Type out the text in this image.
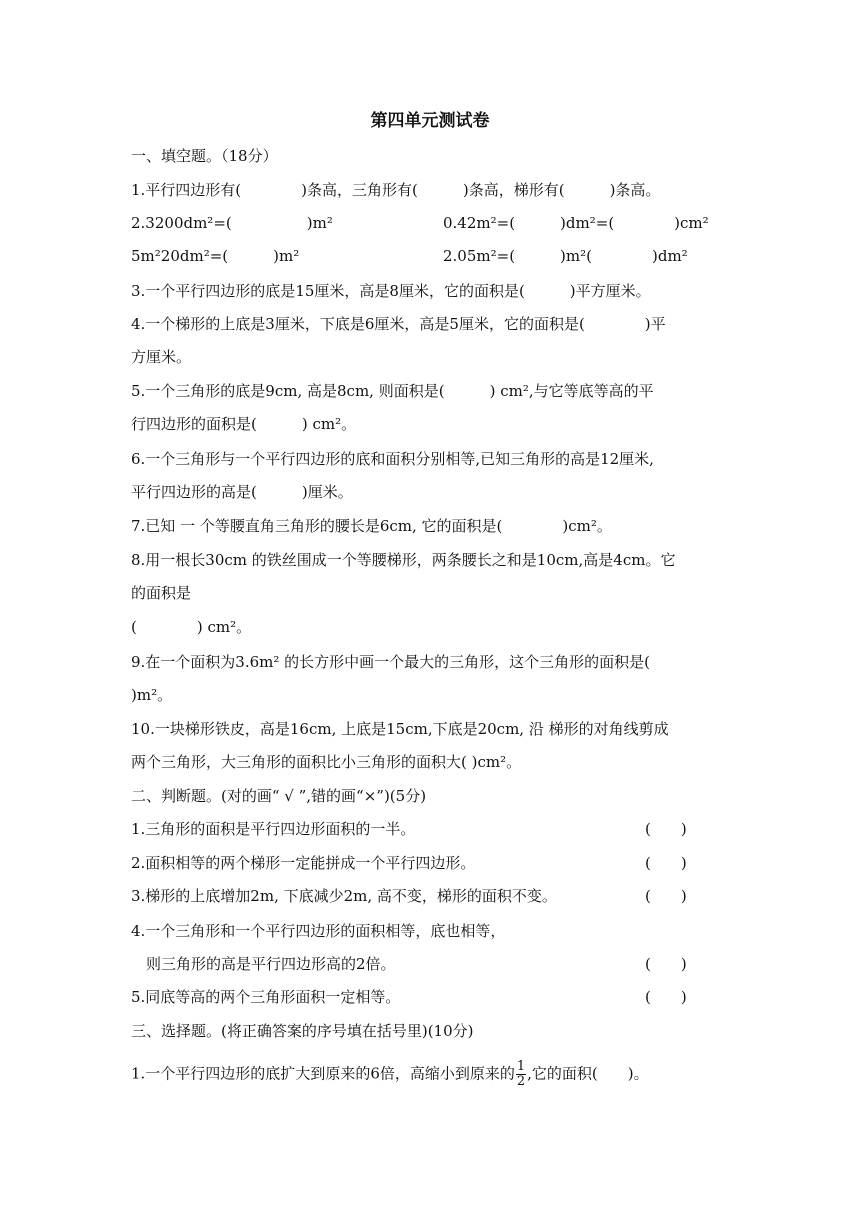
第四单元测试卷
一、填空题。（18分）
1.平行四边形有(　　　　)条高，三角形有(　　　)条高，梯形有(　　　)条高。
2.3200dm²=(　　　　　)m²	0.42m²=(　　　)dm²=(　　　　)cm²
5m²20dm²=(　　　)m²	2.05m²=(　　　)m²(　　　　)dm²
3.一个平行四边形的底是15厘米，高是8厘米，它的面积是(　　　)平方厘米。
4.一个梯形的上底是3厘米，下底是6厘米，高是5厘米，它的面积是(　　　　)平
方厘米。
5.一个三角形的底是9cm, 高是8cm, 则面积是(　　　) cm²,与它等底等高的平
行四边形的面积是(　　　) cm²。
6.一个三角形与一个平行四边形的底和面积分别相等,已知三角形的高是12厘米,
平行四边形的高是(　　　)厘米。
7.已知 一 个等腰直角三角形的腰长是6cm, 它的面积是(　　　　)cm²。
8.用一根长30cm 的铁丝围成一个等腰梯形，两条腰长之和是10cm,高是4cm。它
的面积是
(　　　　) cm²。
9.在一个面积为3.6m² 的长方形中画一个最大的三角形，这个三角形的面积是(
)m²。
10.一块梯形铁皮，高是16cm, 上底是15cm,下底是20cm, 沿 梯形的对角线剪成
两个三角形，大三角形的面积比小三角形的面积大( )cm²。
二、判断题。(对的画“ √ ”,错的画“×”)(5分)
1.三角形的面积是平行四边形面积的一半。	(　　)
2.面积相等的两个梯形一定能拼成一个平行四边形。	(　　)
3.梯形的上底增加2m, 下底减少2m, 高不变，梯形的面积不变。	(　　)
4.一个三角形和一个平行四边形的面积相等，底也相等，
则三角形的高是平行四边形高的2倍。	(　　)
5.同底等高的两个三角形面积一定相等。	(　　)
三、选择题。(将正确答案的序号填在括号里)(10分)
1.一个平行四边形的底扩大到原来的6倍，高缩小到原来的 $\frac{1}{2}$ ,它的面积(　　)。
